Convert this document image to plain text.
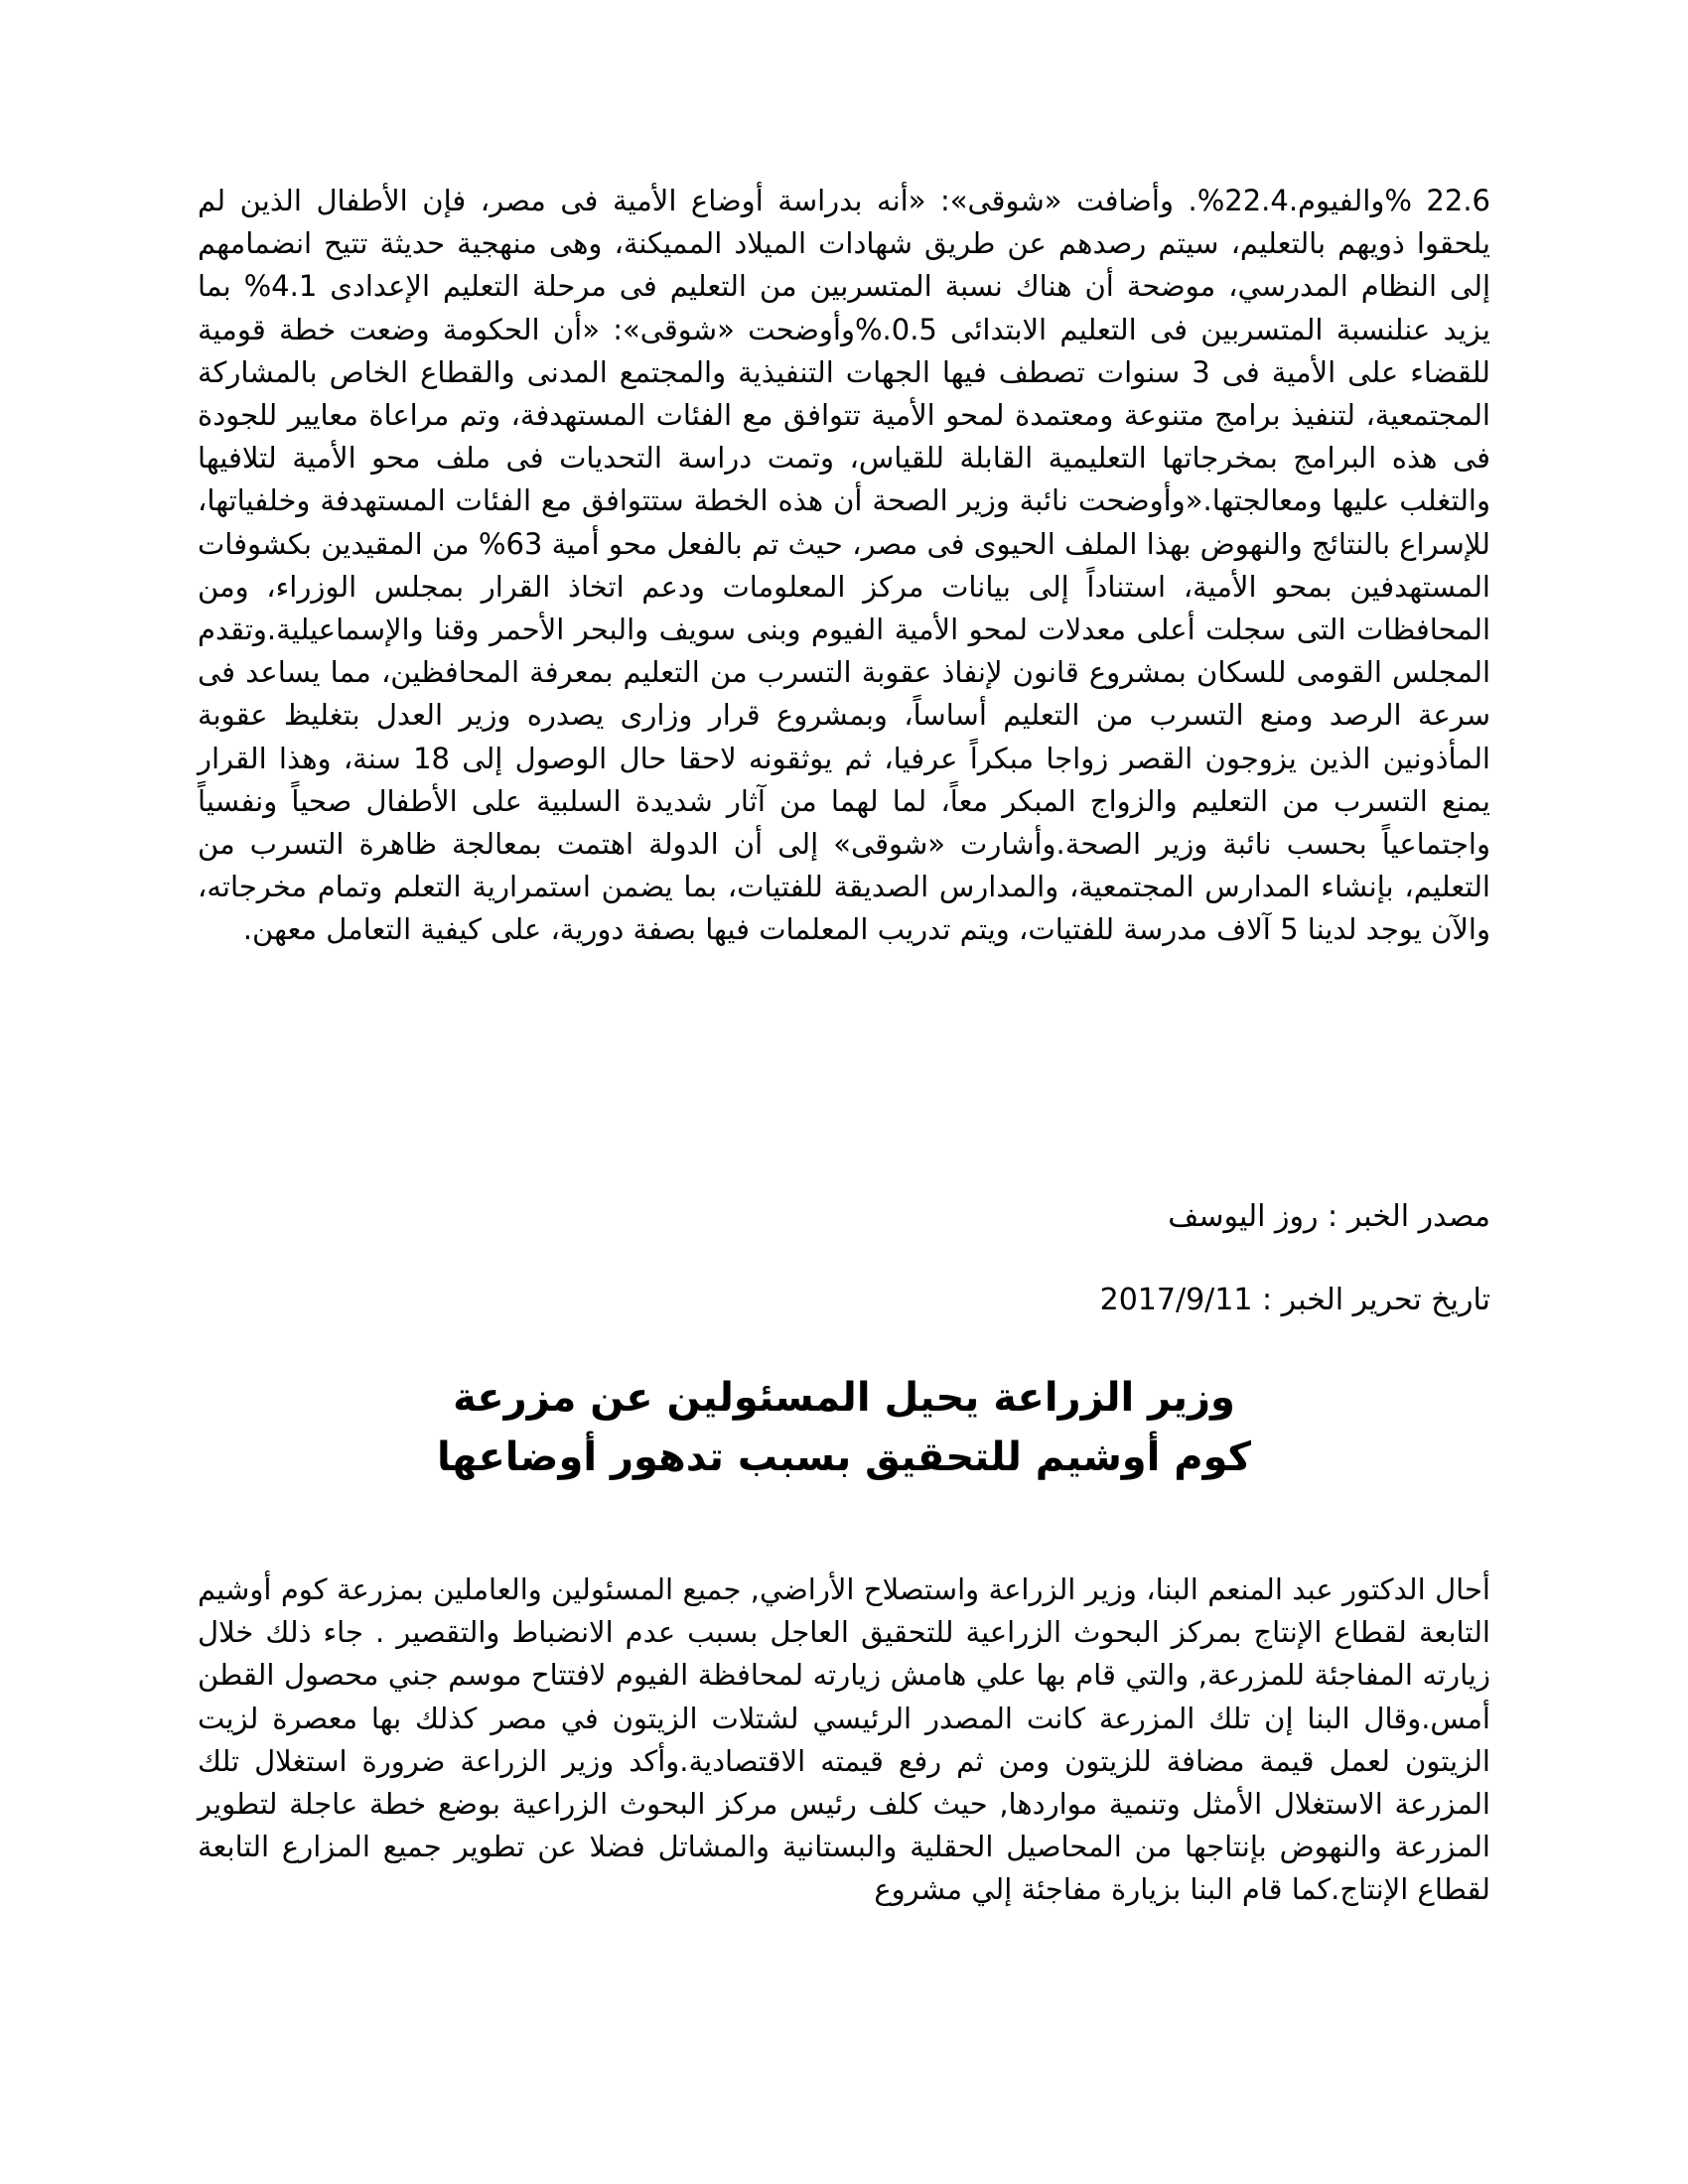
22.6 %والفيوم.22.4%. وأضافت «شوقى»: «أنه بدراسة أوضاع الأمية فى مصر، فإن الأطفال الذين لم يلحقوا ذويهم بالتعليم، سيتم رصدهم عن طريق شهادات الميلاد المميكنة، وهى منهجية حديثة تتيح انضمامهم إلى النظام المدرسي، موضحة أن هناك نسبة المتسربين من التعليم فى مرحلة التعليم الإعدادى 4.1% بما يزيد عنلنسبة المتسربين فى التعليم الابتدائى 0.5.%وأوضحت «شوقى»: «أن الحكومة وضعت خطة قومية للقضاء على الأمية فى 3 سنوات تصطف فيها الجهات التنفيذية والمجتمع المدنى والقطاع الخاص بالمشاركة المجتمعية، لتنفيذ برامج متنوعة ومعتمدة لمحو الأمية تتوافق مع الفئات المستهدفة، وتم مراعاة معايير للجودة فى هذه البرامج بمخرجاتها التعليمية القابلة للقياس، وتمت دراسة التحديات فى ملف محو الأمية لتلافيها والتغلب عليها ومعالجتها.«وأوضحت نائبة وزير الصحة أن هذه الخطة ستتوافق مع الفئات المستهدفة وخلفياتها، للإسراع بالنتائج والنهوض بهذا الملف الحيوى فى مصر، حيث تم بالفعل محو أمية 63% من المقيدين بكشوفات المستهدفين بمحو الأمية، استناداً إلى بيانات مركز المعلومات ودعم اتخاذ القرار بمجلس الوزراء، ومن المحافظات التى سجلت أعلى معدلات لمحو الأمية الفيوم وبنى سويف والبحر الأحمر وقنا والإسماعيلية.وتقدم المجلس القومى للسكان بمشروع قانون لإنفاذ عقوبة التسرب من التعليم بمعرفة المحافظين، مما يساعد فى سرعة الرصد ومنع التسرب من التعليم أساساً، وبمشروع قرار وزارى يصدره وزير العدل بتغليظ عقوبة المأذونين الذين يزوجون القصر زواجا مبكراً عرفيا، ثم يوثقونه لاحقا حال الوصول إلى 18 سنة، وهذا القرار يمنع التسرب من التعليم والزواج المبكر معاً، لما لهما من آثار شديدة السلبية على الأطفال صحياً ونفسياً واجتماعياً بحسب نائبة وزير الصحة.وأشارت «شوقى» إلى أن الدولة اهتمت بمعالجة ظاهرة التسرب من التعليم، بإنشاء المدارس المجتمعية، والمدارس الصديقة للفتيات، بما يضمن استمرارية التعلم وتمام مخرجاته، والآن يوجد لدينا 5 آلاف مدرسة للفتيات، ويتم تدريب المعلمات فيها بصفة دورية، على كيفية التعامل معهن.

مصدر الخبر : روز اليوسف

تاريخ تحرير الخبر : 2017/9/11

وزير الزراعة يحيل المسئولين عن مزرعة
كوم أوشيم للتحقيق بسبب تدهور أوضاعها

أحال الدكتور عبد المنعم البنا، وزير الزراعة واستصلاح الأراضي, جميع المسئولين والعاملين بمزرعة كوم أوشيم التابعة لقطاع الإنتاج بمركز البحوث الزراعية للتحقيق العاجل بسبب عدم الانضباط والتقصير . جاء ذلك خلال زيارته المفاجئة للمزرعة, والتي قام بها علي هامش زيارته لمحافظة الفيوم لافتتاح موسم جني محصول القطن أمس.وقال البنا إن تلك المزرعة كانت المصدر الرئيسي لشتلات الزيتون في مصر كذلك بها معصرة لزيت الزيتون لعمل قيمة مضافة للزيتون ومن ثم رفع قيمته الاقتصادية.وأكد وزير الزراعة ضرورة استغلال تلك المزرعة الاستغلال الأمثل وتنمية مواردها, حيث كلف رئيس مركز البحوث الزراعية بوضع خطة عاجلة لتطوير المزرعة والنهوض بإنتاجها من المحاصيل الحقلية والبستانية والمشاتل فضلا عن تطوير جميع المزارع التابعة لقطاع الإنتاج.كما قام البنا بزيارة مفاجئة إلي مشروع
